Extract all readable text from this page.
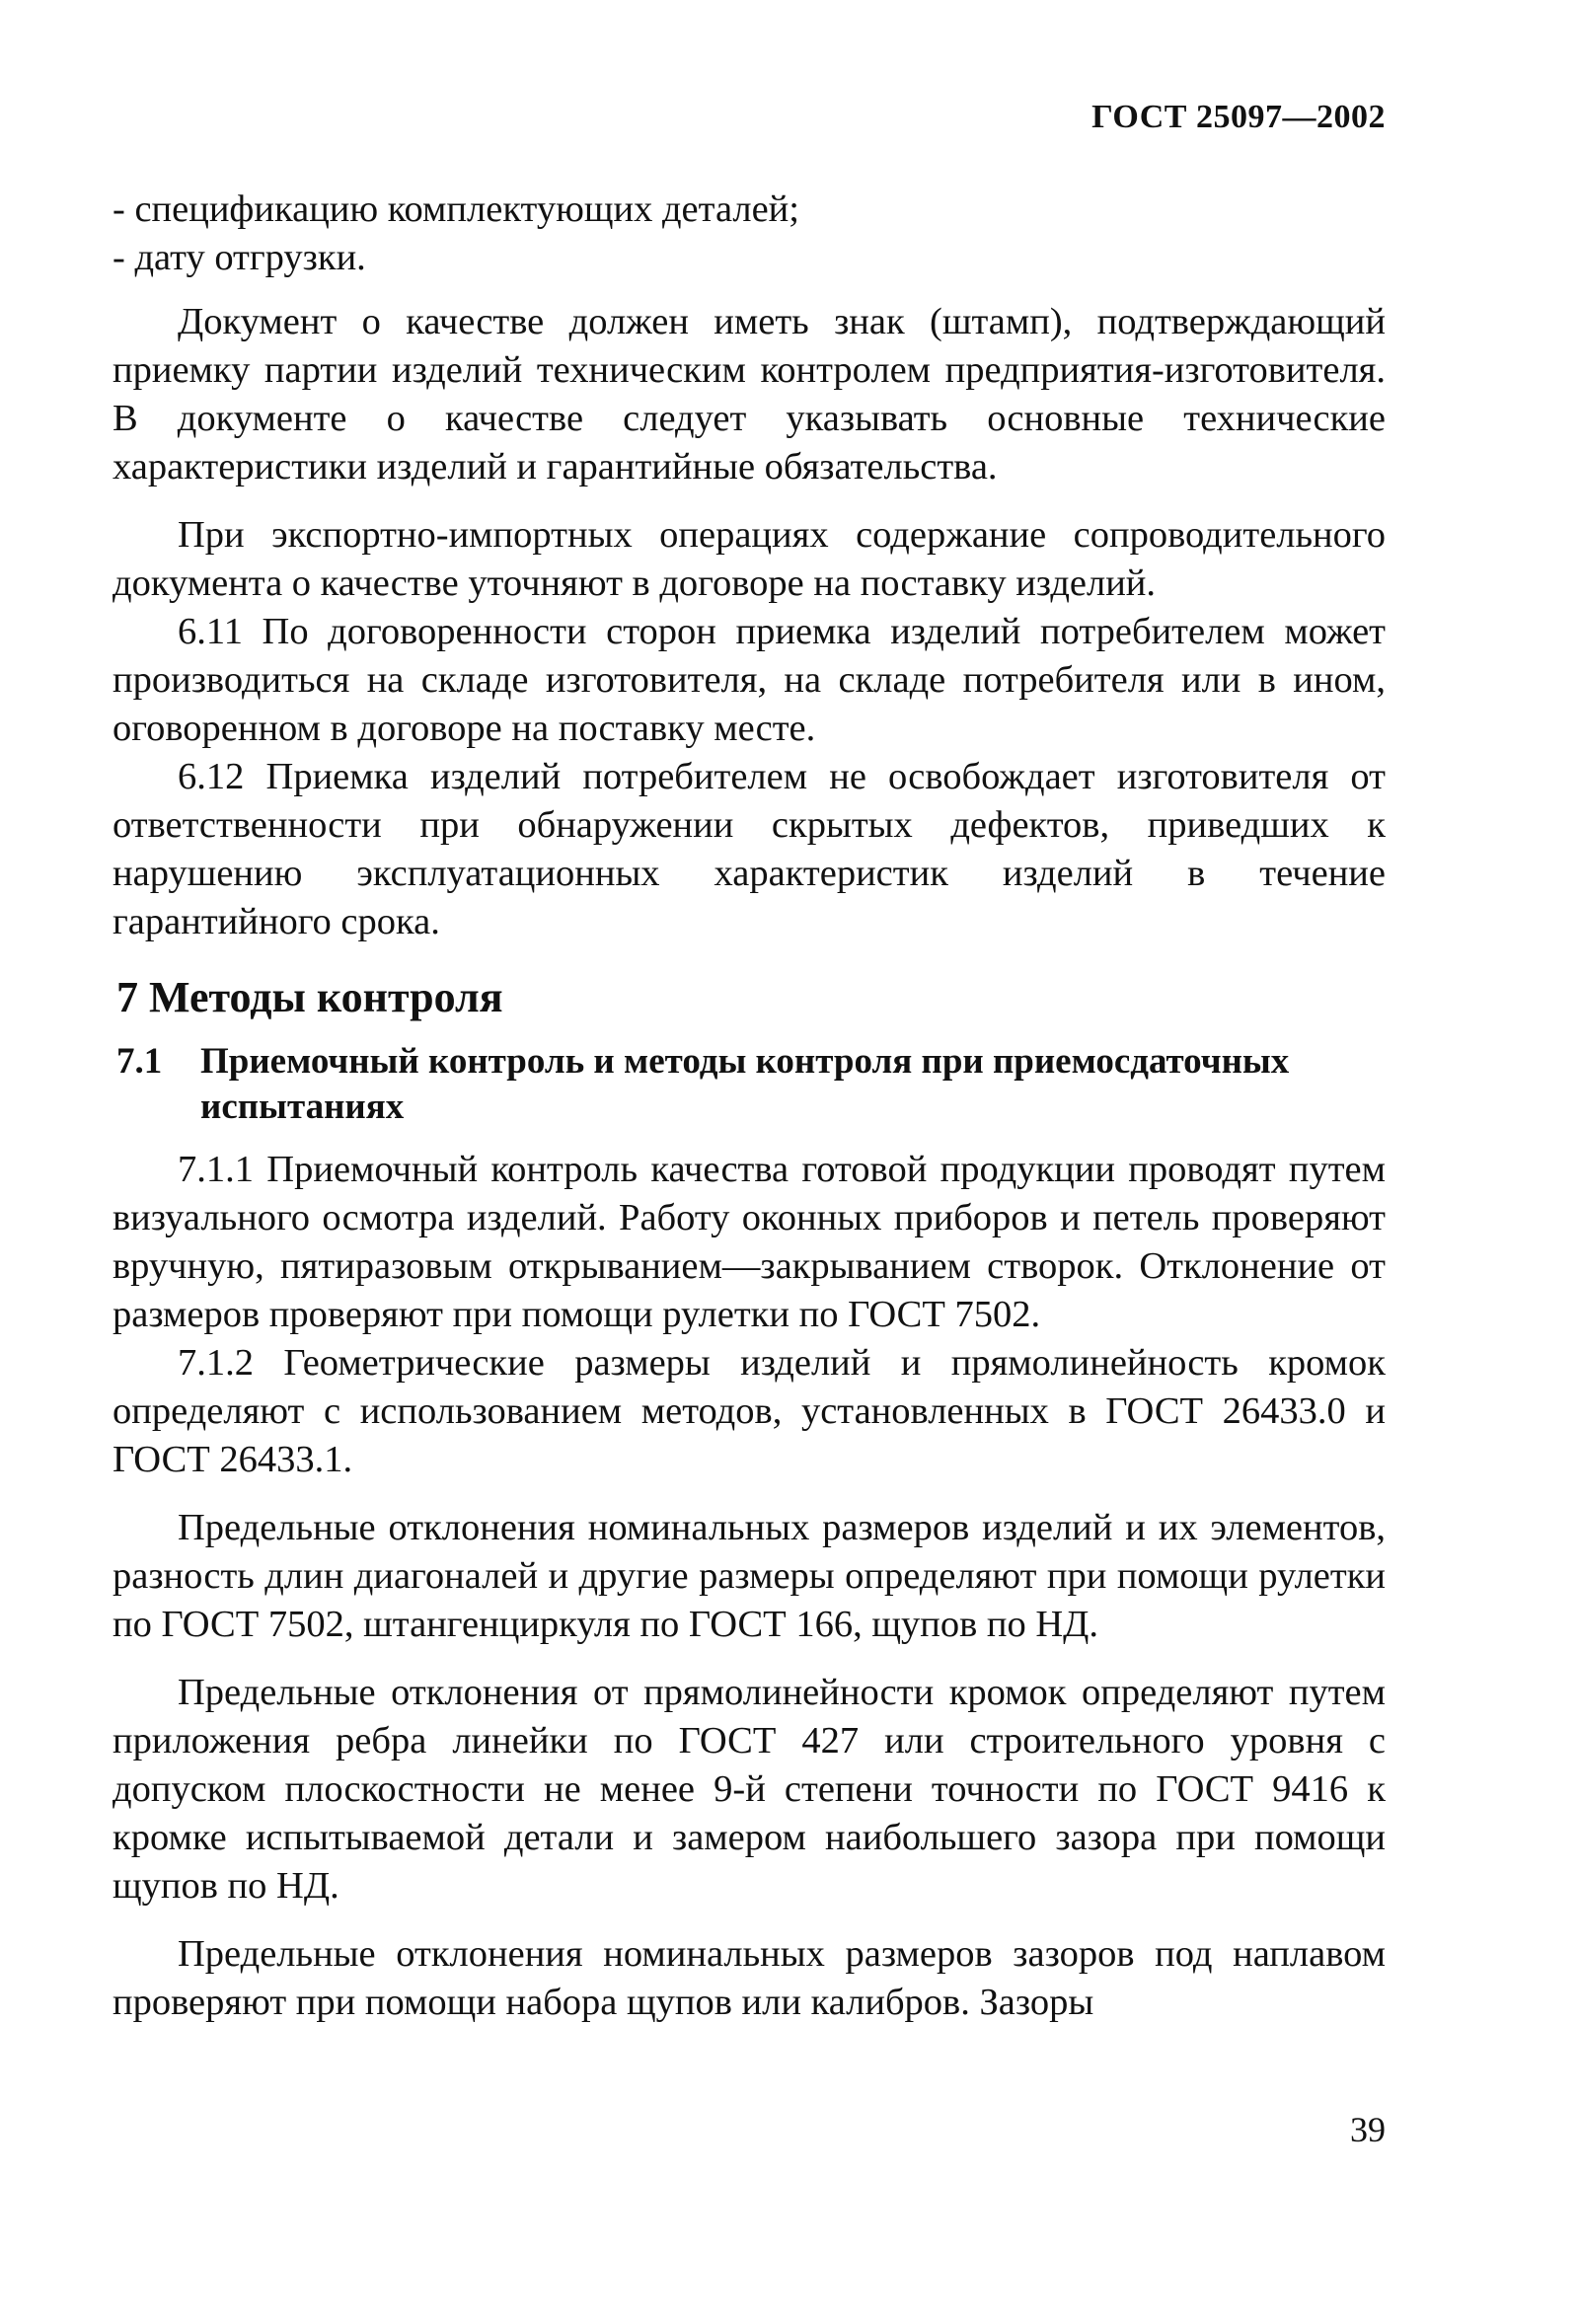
ГОСТ 25097—2002

- спецификацию комплектующих деталей;

- дату отгрузки.

Документ о качестве должен иметь знак (штамп), подтверждающий приемку партии изделий техническим контролем предприятия-изготовителя. В документе о качестве следует указывать основные технические характеристики изделий и гарантийные обязательства.

При экспортно-импортных операциях содержание сопроводительного документа о качестве уточняют в договоре на поставку изделий.

6.11 По договоренности сторон приемка изделий потребителем может производиться на складе изготовителя, на складе потребителя или в ином, оговоренном в договоре на поставку месте.

6.12 Приемка изделий потребителем не освобождает изготовителя от ответственности при обнаружении скрытых дефектов, приведших к нарушению эксплуатационных характеристик изделий в течение гарантийного срока.

7 Методы контроля
7.1	Приемочный контроль и методы контроля при приемосдаточных испытаниях

7.1.1 Приемочный контроль качества готовой продукции проводят путем визуального осмотра изделий. Работу оконных приборов и петель проверяют вручную, пятиразовым открыванием—закрыванием створок. Отклонение от размеров проверяют при помощи рулетки по ГОСТ 7502.

7.1.2 Геометрические размеры изделий и прямолинейность кромок определяют с использованием методов, установленных в ГОСТ 26433.0 и ГОСТ 26433.1.

Предельные отклонения номинальных размеров изделий и их элементов, разность длин диагоналей и другие размеры определяют при помощи рулетки по ГОСТ 7502, штангенциркуля по ГОСТ 166, щупов по НД.

Предельные отклонения от прямолинейности кромок определяют путем приложения ребра линейки по ГОСТ 427 или строительного уровня с допуском плоскостности не менее 9-й степени точности по ГОСТ 9416 к кромке испытываемой детали и замером наибольшего зазора при помощи щупов по НД.

Предельные отклонения номинальных размеров зазоров под наплавом проверяют при помощи набора щупов или калибров. Зазоры

39
